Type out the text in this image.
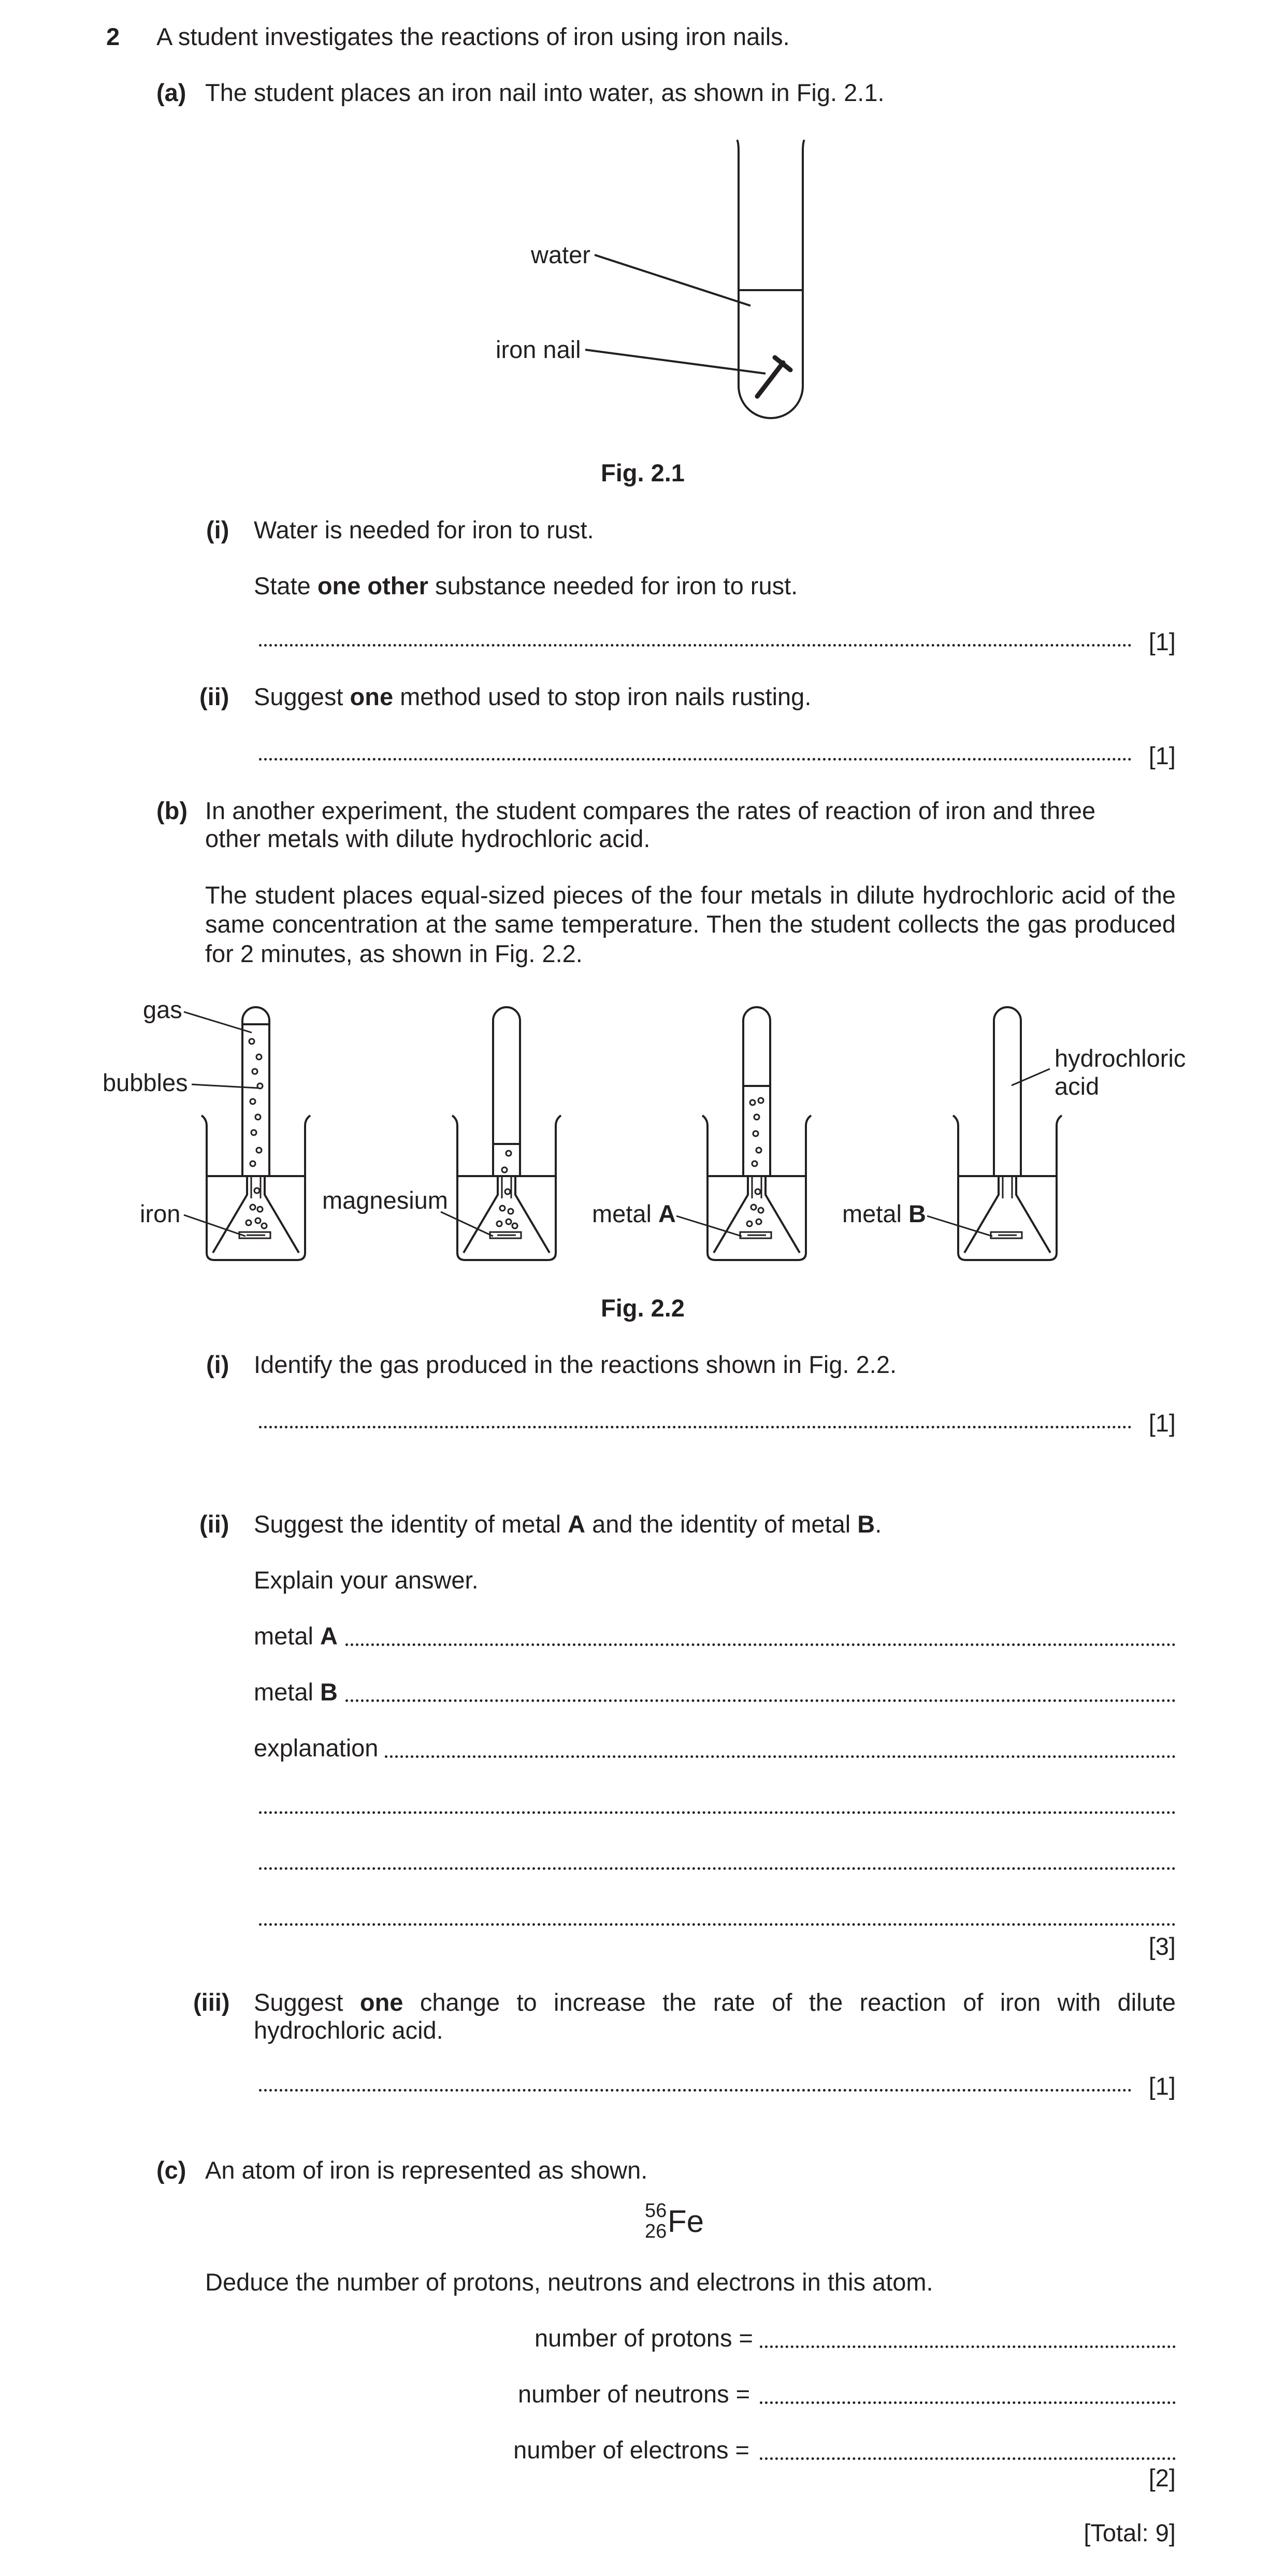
2 A student investigates the reactions of iron using iron nails.
(a) The student places an iron nail into water, as shown in Fig. 2.1.
water
iron nail
Fig. 2.1
(i) Water is needed for iron to rust.
State one other substance needed for iron to rust.
[1]
(ii) Suggest one method used to stop iron nails rusting.
[1]
(b) In another experiment, the student compares the rates of reaction of iron and three
other metals with dilute hydrochloric acid.
The student places equal-sized pieces of the four metals in dilute hydrochloric acid of the same concentration at the same temperature. Then the student collects the gas produced for 2 minutes, as shown in Fig. 2.2.
gas
bubbles
iron	magnesium	metal A	metal B
hydrochloric
acid
Fig. 2.2
(i) Identify the gas produced in the reactions shown in Fig. 2.2.
[1]
(ii) Suggest the identity of metal A and the identity of metal B.
Explain your answer.
metal A
metal B
explanation
[3]
(iii) Suggest one change to increase the rate of the reaction of iron with dilute
hydrochloric acid.
[1]
(c) An atom of iron is represented as shown.
56
26 Fe
Deduce the number of protons, neutrons and electrons in this atom.
number of protons =
number of neutrons =
number of electrons =
[2]
[Total: 9]
